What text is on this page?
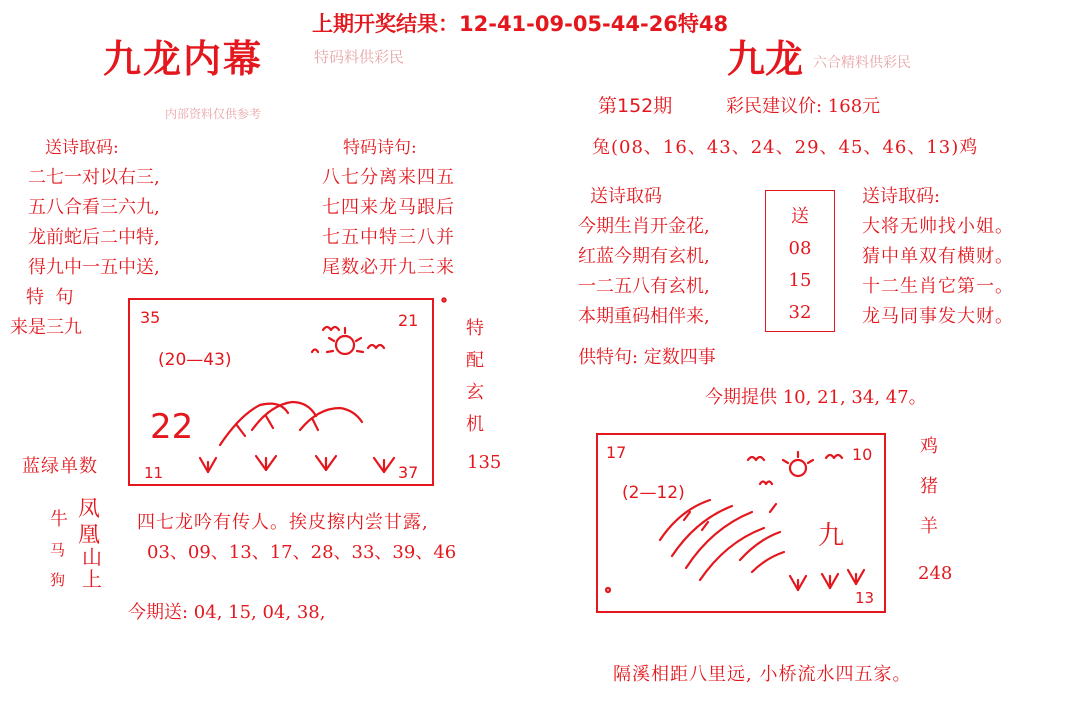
上期开奖结果：12-41-09-05-44-26特48
九龙内幕	特码料供彩民
内部资料仅供参考
送诗取码:
二七一对以右三,
五八合看三六九,
龙前蛇后二中特,
得九中一五中送,
特码诗句:
八七分离来四五
七四来龙马跟后
七五中特三八并
尾数必开九三来
特  句
来是三九	35	21
11	37
(20—43)
22
特
配
玄
机
135
蓝绿单数
牛
马
狗
凤
凰
山
上
四七龙吟有传人。挨皮擦内尝甘露,
03、09、13、17、28、33、39、46
今期送: 04, 15, 04, 38,
九龙 六合精料供彩民
第152期	彩民建议价: 168元
兔(08、16、43、24、29、45、46、13)鸡
送诗取码
今期生肖开金花,
红蓝今期有玄机,
一二五八有玄机,
本期重码相伴来,
送
08
15
32
送诗取码:
大将无帅找小姐。
猜中单双有横财。
十二生肖它第一。
龙马同事发大财。
供特句: 定数四事
今期提供 10, 21, 34, 47。
17	10
13
(2—12)
九
鸡
猪
羊
248
隔溪相距八里远, 小桥流水四五家。
